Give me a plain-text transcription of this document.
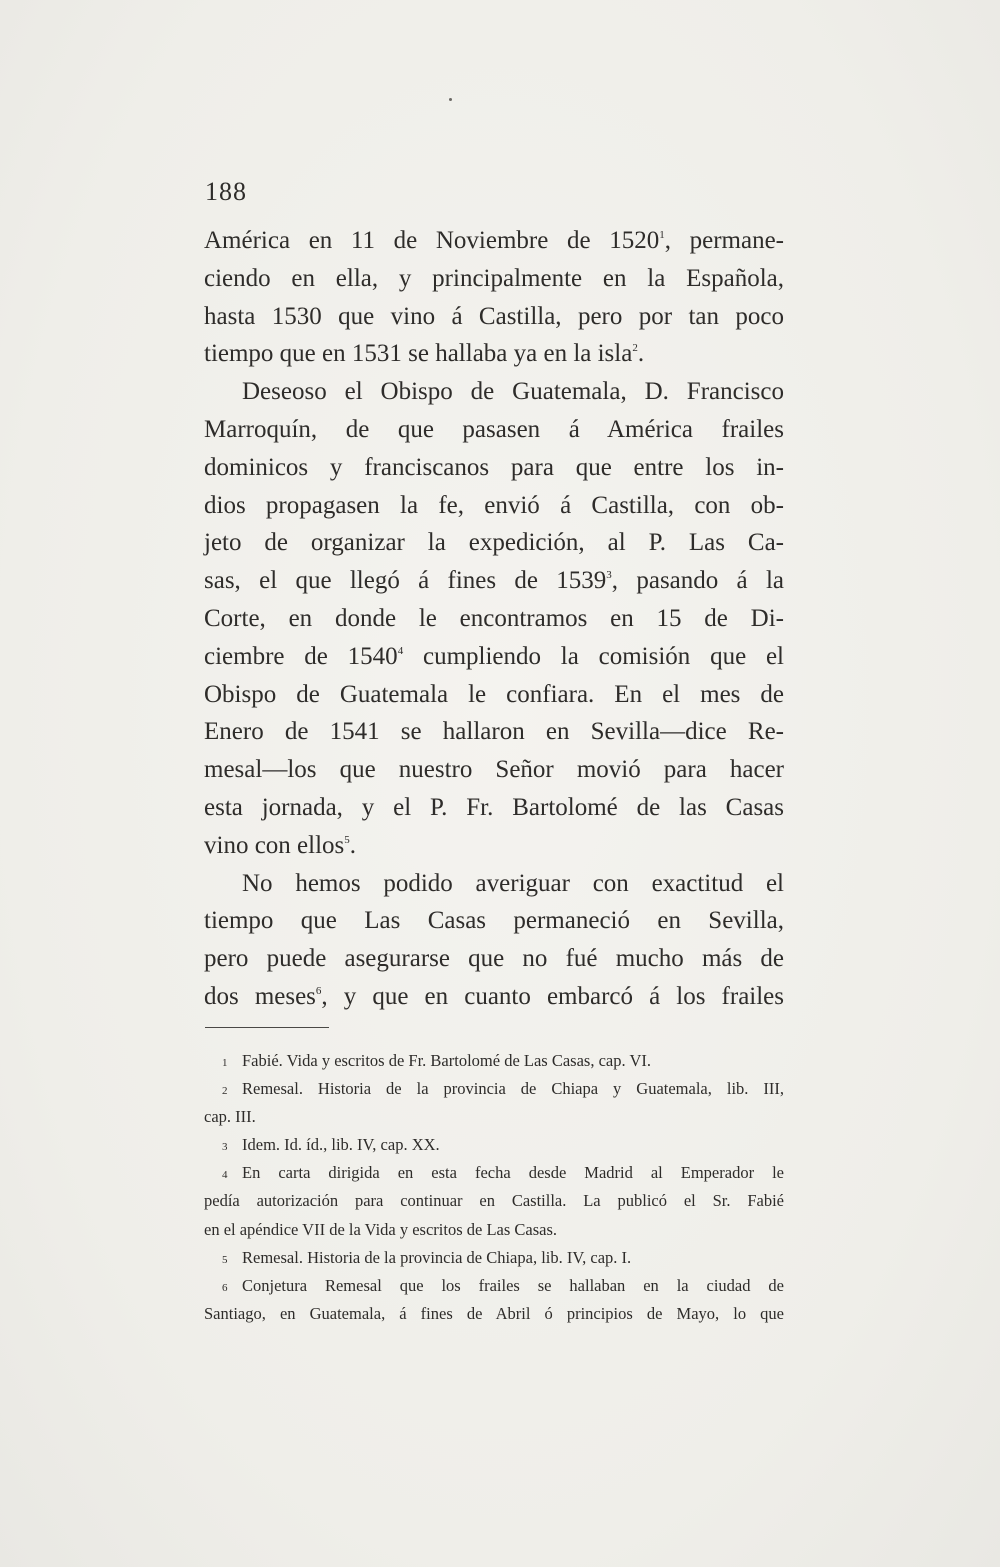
188
América en 11 de Noviembre de 1520$^1$, permane-
ciendo en ella, y principalmente en la Española,
hasta 1530 que vino á Castilla, pero por tan poco
tiempo que en 1531 se hallaba ya en la isla$^2$.
Deseoso el Obispo de Guatemala, D. Francisco
Marroquín, de que pasasen á América frailes
dominicos y franciscanos para que entre los in-
dios propagasen la fe, envió á Castilla, con ob-
jeto de organizar la expedición, al P. Las Ca-
sas, el que llegó á fines de 1539$^3$, pasando á la
Corte, en donde le encontramos en 15 de Di-
ciembre de 1540$^4$ cumpliendo la comisión que el
Obispo de Guatemala le confiara. En el mes de
Enero de 1541 se hallaron en Sevilla—dice Re-
mesal—los que nuestro Señor movió para hacer
esta jornada, y el P. Fr. Bartolomé de las Casas
vino con ellos$^5$.
No hemos podido averiguar con exactitud el
tiempo que Las Casas permaneció en Sevilla,
pero puede asegurarse que no fué mucho más de
dos meses$^6$, y que en cuanto embarcó á los frailes
1 Fabié. Vida y escritos de Fr. Bartolomé de Las Casas, cap. VI.
2 Remesal. Historia de la provincia de Chiapa y Guatemala, lib. III,
cap. III.
3 Idem. Id. íd., lib. IV, cap. XX.
4 En carta dirigida en esta fecha desde Madrid al Emperador le
pedía autorización para continuar en Castilla. La publicó el Sr. Fabié
en el apéndice VII de la Vida y escritos de Las Casas.
5 Remesal. Historia de la provincia de Chiapa, lib. IV, cap. I.
6 Conjetura Remesal que los frailes se hallaban en la ciudad de
Santiago, en Guatemala, á fines de Abril ó principios de Mayo, lo que
